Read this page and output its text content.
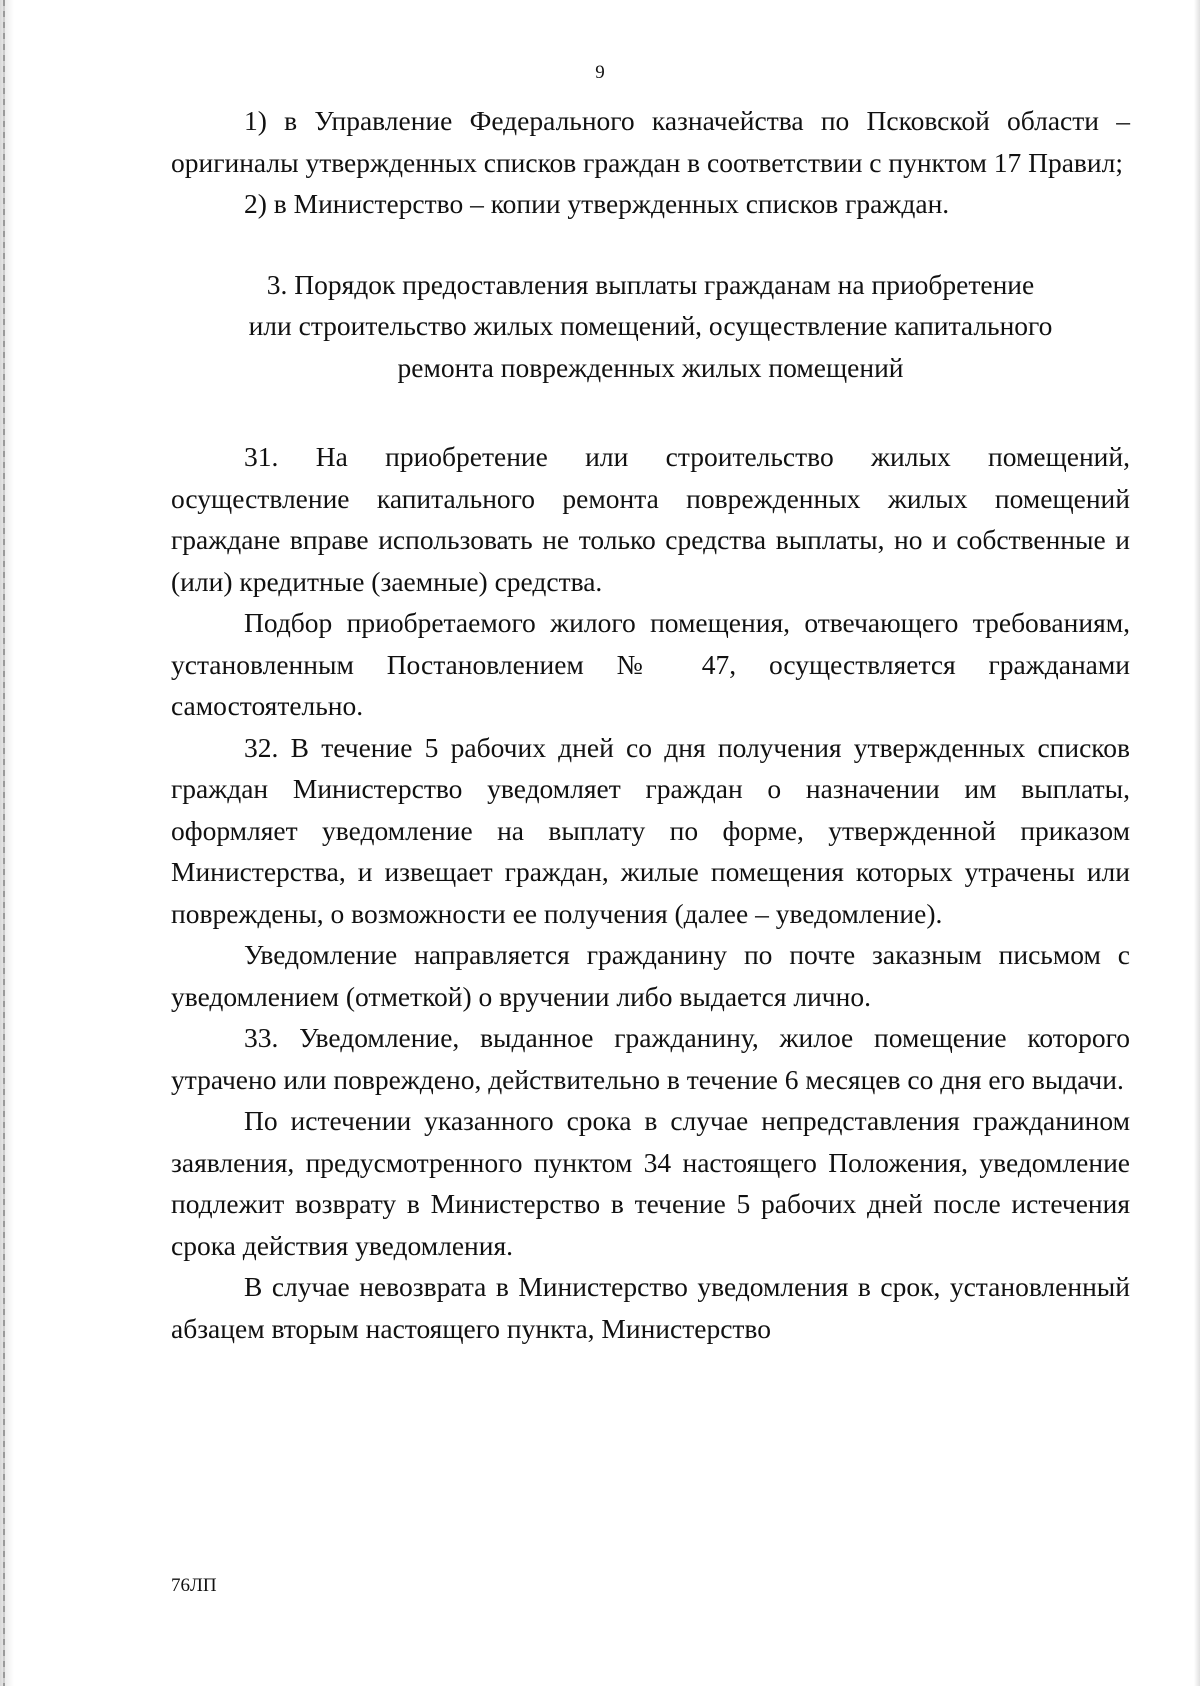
9

1) в Управление Федерального казначейства по Псковской области – оригиналы утвержденных списков граждан в соответствии с пунктом 17 Правил;

2) в Министерство – копии утвержденных списков граждан.

3. Порядок предоставления выплаты гражданам на приобретение
или строительство жилых помещений, осуществление капитального
ремонта поврежденных жилых помещений

31. На приобретение или строительство жилых помещений, осуществление капитального ремонта поврежденных жилых помещений граждане вправе использовать не только средства выплаты, но и собственные и (или) кредитные (заемные) средства.

Подбор приобретаемого жилого помещения, отвечающего требованиям, установленным Постановлением № 47, осуществляется гражданами самостоятельно.

32. В течение 5 рабочих дней со дня получения утвержденных списков граждан Министерство уведомляет граждан о назначении им выплаты, оформляет уведомление на выплату по форме, утвержденной приказом Министерства, и извещает граждан, жилые помещения которых утрачены или повреждены, о возможности ее получения (далее – уведомление).

Уведомление направляется гражданину по почте заказным письмом с уведомлением (отметкой) о вручении либо выдается лично.

33. Уведомление, выданное гражданину, жилое помещение которого утрачено или повреждено, действительно в течение 6 месяцев со дня его выдачи.

По истечении указанного срока в случае непредставления гражданином заявления, предусмотренного пунктом 34 настоящего Положения, уведомление подлежит возврату в Министерство в течение 5 рабочих дней после истечения срока действия уведомления.

В случае невозврата в Министерство уведомления в срок, установленный абзацем вторым настоящего пункта, Министерство

76ЛП
